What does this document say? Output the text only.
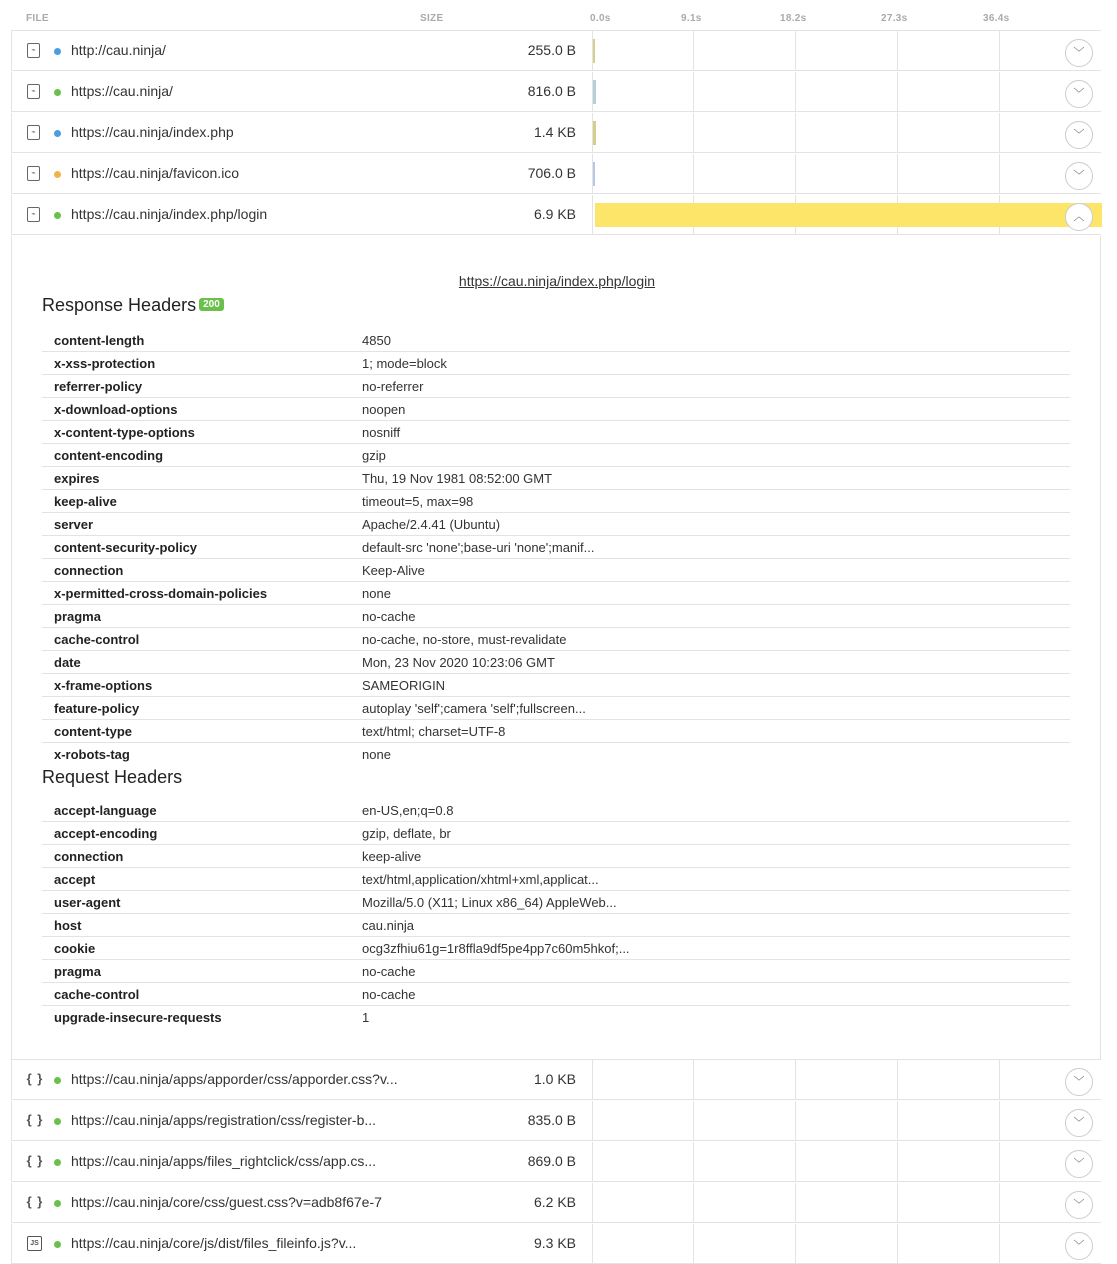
FILE	SIZE	0.0s	9.1s	18.2s	27.3s	36.4s
⌁	http://cau.ninja/	255.0 B	﹀
⌁	https://cau.ninja/	816.0 B	﹀
⌁	https://cau.ninja/index.php	1.4 KB	﹀
⌁	https://cau.ninja/favicon.ico	706.0 B	﹀
⌁	https://cau.ninja/index.php/login	6.9 KB	︿
https://cau.ninja/index.php/login
Response Headers 200
content-length	4850
x-xss-protection	1; mode=block
referrer-policy	no-referrer
x-download-options	noopen
x-content-type-options	nosniff
content-encoding	gzip
expires	Thu, 19 Nov 1981 08:52:00 GMT
keep-alive	timeout=5, max=98
server	Apache/2.4.41 (Ubuntu)
content-security-policy	default-src 'none';base-uri 'none';manif...
connection	Keep-Alive
x-permitted-cross-domain-policies	none
pragma	no-cache
cache-control	no-cache, no-store, must-revalidate
date	Mon, 23 Nov 2020 10:23:06 GMT
x-frame-options	SAMEORIGIN
feature-policy	autoplay 'self';camera 'self';fullscreen...
content-type	text/html; charset=UTF-8
x-robots-tag	none
Request Headers
accept-language	en-US,en;q=0.8
accept-encoding	gzip, deflate, br
connection	keep-alive
accept	text/html,application/xhtml+xml,applicat...
user-agent	Mozilla/5.0 (X11; Linux x86_64) AppleWeb...
host	cau.ninja
cookie	ocg3zfhiu61g=1r8ffla9df5pe4pp7c60m5hkof;...
pragma	no-cache
cache-control	no-cache
upgrade-insecure-requests	1
{ } https://cau.ninja/apps/apporder/css/apporder.css?v...	1.0 KB	﹀
{ } https://cau.ninja/apps/registration/css/register-b...	835.0 B	﹀
{ } https://cau.ninja/apps/files_rightclick/css/app.cs...	869.0 B	﹀
{ } https://cau.ninja/core/css/guest.css?v=adb8f67e-7	6.2 KB	﹀
JS https://cau.ninja/core/js/dist/files_fileinfo.js?v...	9.3 KB	﹀
